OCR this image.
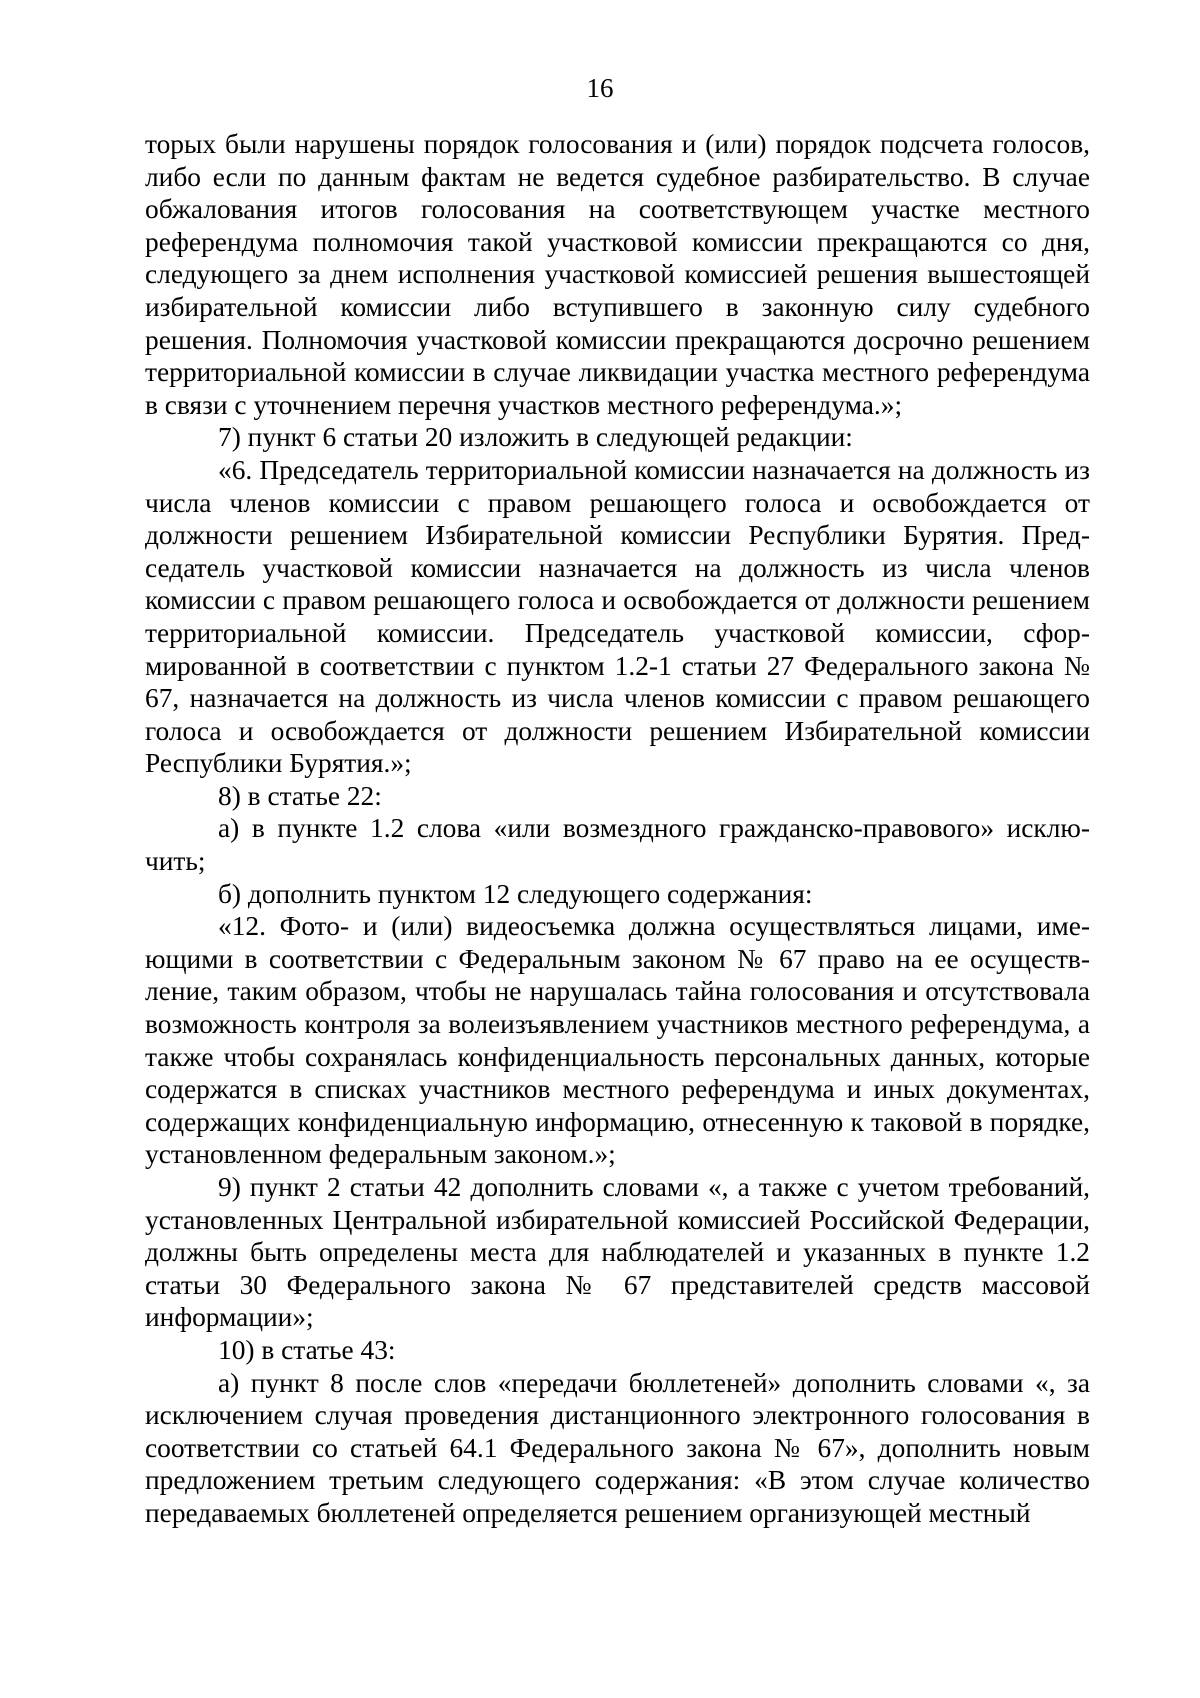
16

торых были нарушены порядок голосования и (или) порядок подсчета голосов, либо если по данным фактам не ведется судебное разбирательство. В случае обжалования итогов голосования на соответствующем участке местного референдума полномочия такой участковой комиссии прекращаются со дня, следующего за днем исполнения участковой комиссией решения вышестоящей избирательной комиссии либо вступившего в законную силу судебного решения. Полномочия участковой комиссии прекращаются досрочно решением территориальной комиссии в случае ликвидации участка местного референдума в связи с уточнением перечня участков местного референдума.»;

7) пункт 6 статьи 20 изложить в следующей редакции:

«6. Председатель территориальной комиссии назначается на должность из числа членов комиссии с правом решающего голоса и освобождается от должности решением Избирательной комиссии Республики Бурятия. Председатель участковой комиссии назначается на должность из числа членов комиссии с правом решающего голоса и освобождается от должности решением территориальной комиссии. Председатель участковой комиссии, сформированной в соответствии с пунктом 1.2-1 статьи 27 Федерального закона № 67, назначается на должность из числа членов комиссии с правом решающего голоса и освобождается от должности решением Избирательной комиссии Республики Бурятия.»;

8) в статье 22:

а) в пункте 1.2 слова «или возмездного гражданско-правового» исключить;

б) дополнить пунктом 12 следующего содержания:

«12. Фото- и (или) видеосъемка должна осуществляться лицами, имеющими в соответствии с Федеральным законом № 67 право на ее осуществление, таким образом, чтобы не нарушалась тайна голосования и отсутствовала возможность контроля за волеизъявлением участников местного референдума, а также чтобы сохранялась конфиденциальность персональных данных, которые содержатся в списках участников местного референдума и иных документах, содержащих конфиденциальную информацию, отнесенную к таковой в порядке, установленном федеральным законом.»;

9) пункт 2 статьи 42 дополнить словами «, а также с учетом требований, установленных Центральной избирательной комиссией Российской Федерации, должны быть определены места для наблюдателей и указанных в пункте 1.2 статьи 30 Федерального закона № 67 представителей средств массовой информации»;

10) в статье 43:

а) пункт 8 после слов «передачи бюллетеней» дополнить словами «, за исключением случая проведения дистанционного электронного голосования в соответствии со статьей 64.1 Федерального закона № 67», дополнить новым предложением третьим следующего содержания: «В этом случае количество передаваемых бюллетеней определяется решением организующей местный
